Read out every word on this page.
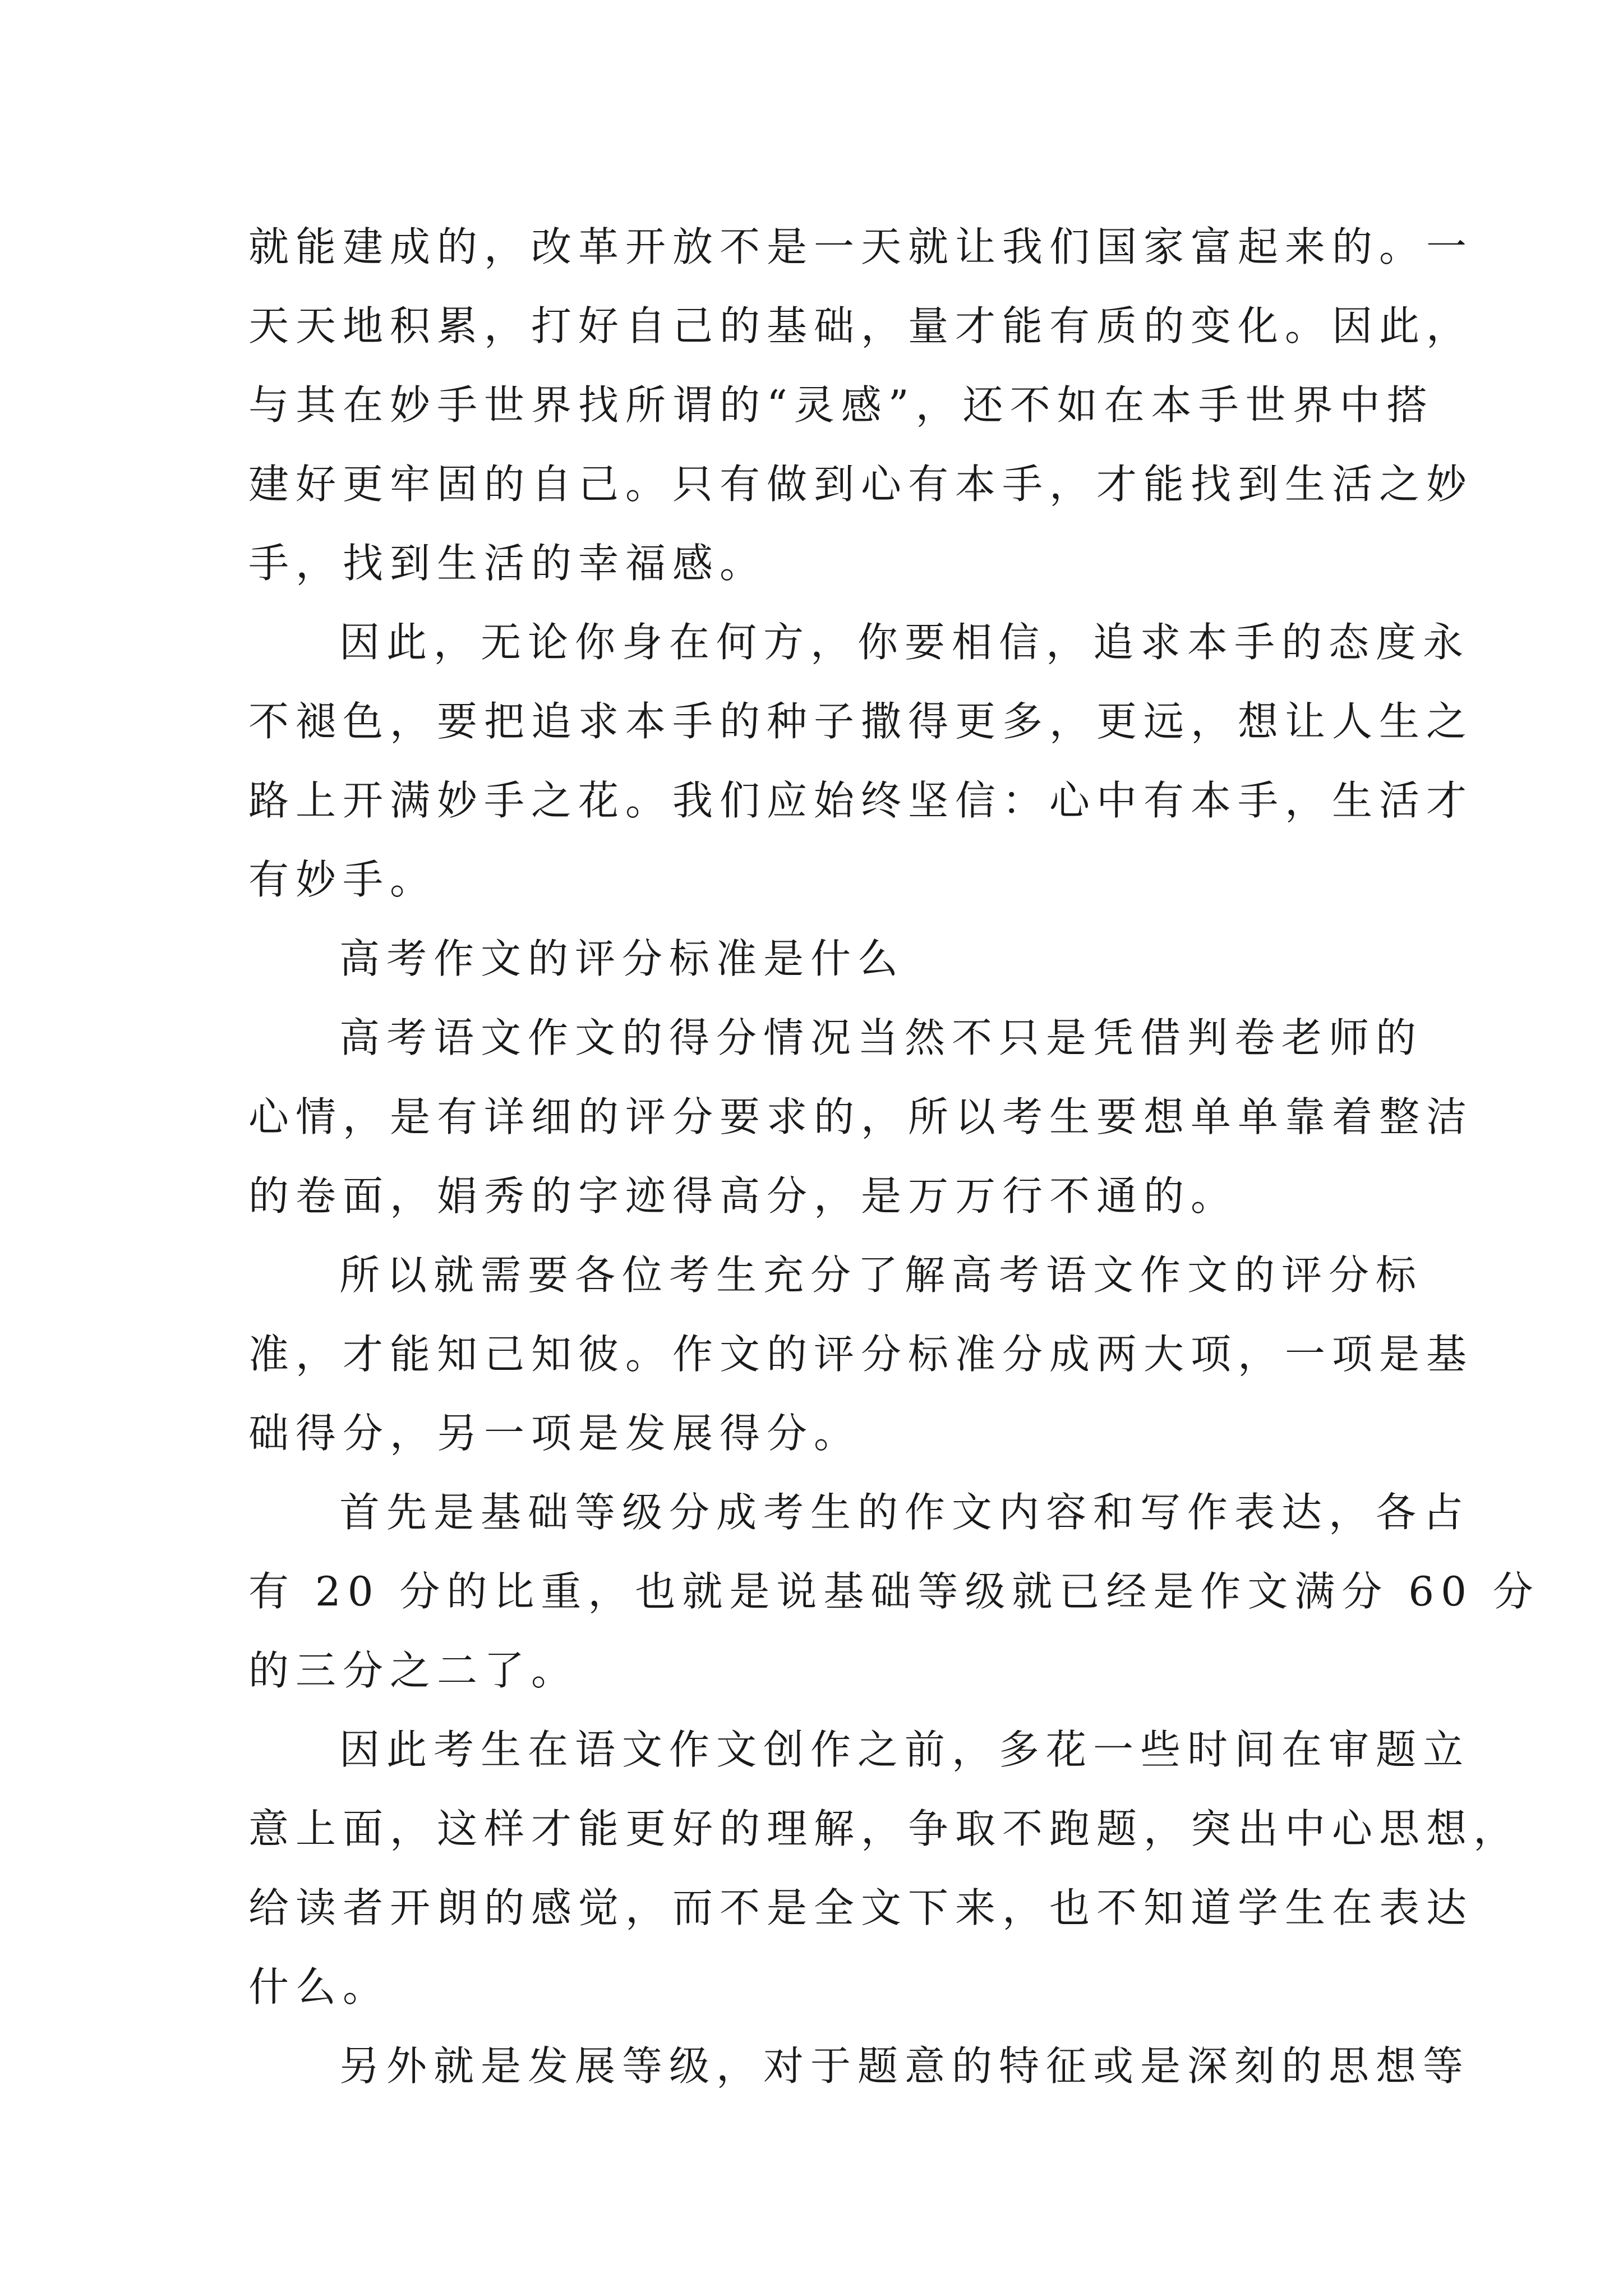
就能建成的，改革开放不是一天就让我们国家富起来的。一
天天地积累，打好自己的基础，量才能有质的变化。因此，
与其在妙手世界找所谓的“灵感”，还不如在本手世界中搭
建好更牢固的自己。只有做到心有本手，才能找到生活之妙
手，找到生活的幸福感。
因此，无论你身在何方，你要相信，追求本手的态度永
不褪色，要把追求本手的种子撒得更多，更远，想让人生之
路上开满妙手之花。我们应始终坚信：心中有本手，生活才
有妙手。
高考作文的评分标准是什么
高考语文作文的得分情况当然不只是凭借判卷老师的
心情，是有详细的评分要求的，所以考生要想单单靠着整洁
的卷面，娟秀的字迹得高分，是万万行不通的。
所以就需要各位考生充分了解高考语文作文的评分标
准，才能知己知彼。作文的评分标准分成两大项，一项是基
础得分，另一项是发展得分。
首先是基础等级分成考生的作文内容和写作表达，各占
有 20 分的比重，也就是说基础等级就已经是作文满分 60 分
的三分之二了。
因此考生在语文作文创作之前，多花一些时间在审题立
意上面，这样才能更好的理解，争取不跑题，突出中心思想，
给读者开朗的感觉，而不是全文下来，也不知道学生在表达
什么。
另外就是发展等级，对于题意的特征或是深刻的思想等
